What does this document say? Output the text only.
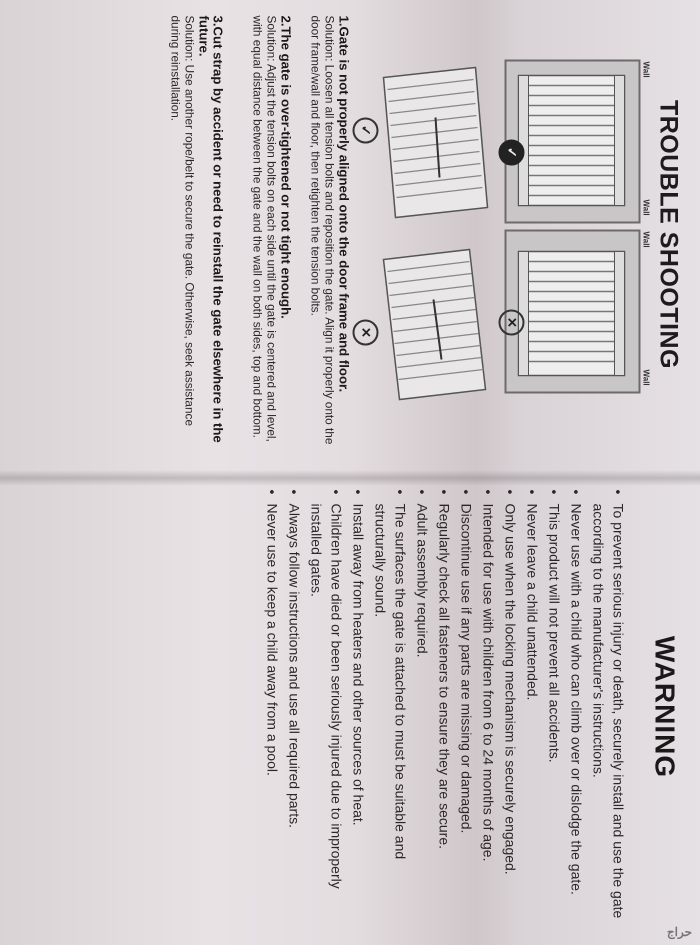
TROUBLE SHOOTING
Wall
Wall
Wall
Wall
✓
✕
✓
✕
1.Gate is not properly aligned onto the door frame and floor.
Solution: Loosen all tension bolts and reposition the gate. Align it properly onto the door frame/wall and floor, then retighten the tension bolts.
2.The gate is over-tightened or not tight enough.
Solution: Adjust the tension bolts on each side until the gate is centered and level, with equal distance between the gate and the wall on both sides, top and bottom.
3.Cut strap by accident or need to reinstall the gate elsewhere in the future.
Solution: Use another rope/belt to secure the gate. Otherwise, seek assistance during reinstallation.
WARNING
• To prevent serious injury or death, securely install and use the gate according to the manufacturer's instructions.
• Never use with a child who can climb over or dislodge the gate.
• This product will not prevent all accidents.
• Never leave a child unattended.
• Only use when the locking mechanism is securely engaged.
• Intended for use with children from 6 to 24 months of age.
• Discontinue use if any parts are missing or damaged.
• Regularly check all fasteners to ensure they are secure.
• Adult assembly required.
• The surfaces the gate is attached to must be suitable and structurally sound.
• Install away from heaters and other sources of heat.
• Children have died or been seriously injured due to improperly installed gates.
• Always follow instructions and use all required parts.
• Never use to keep a child away from a pool.
حراج
